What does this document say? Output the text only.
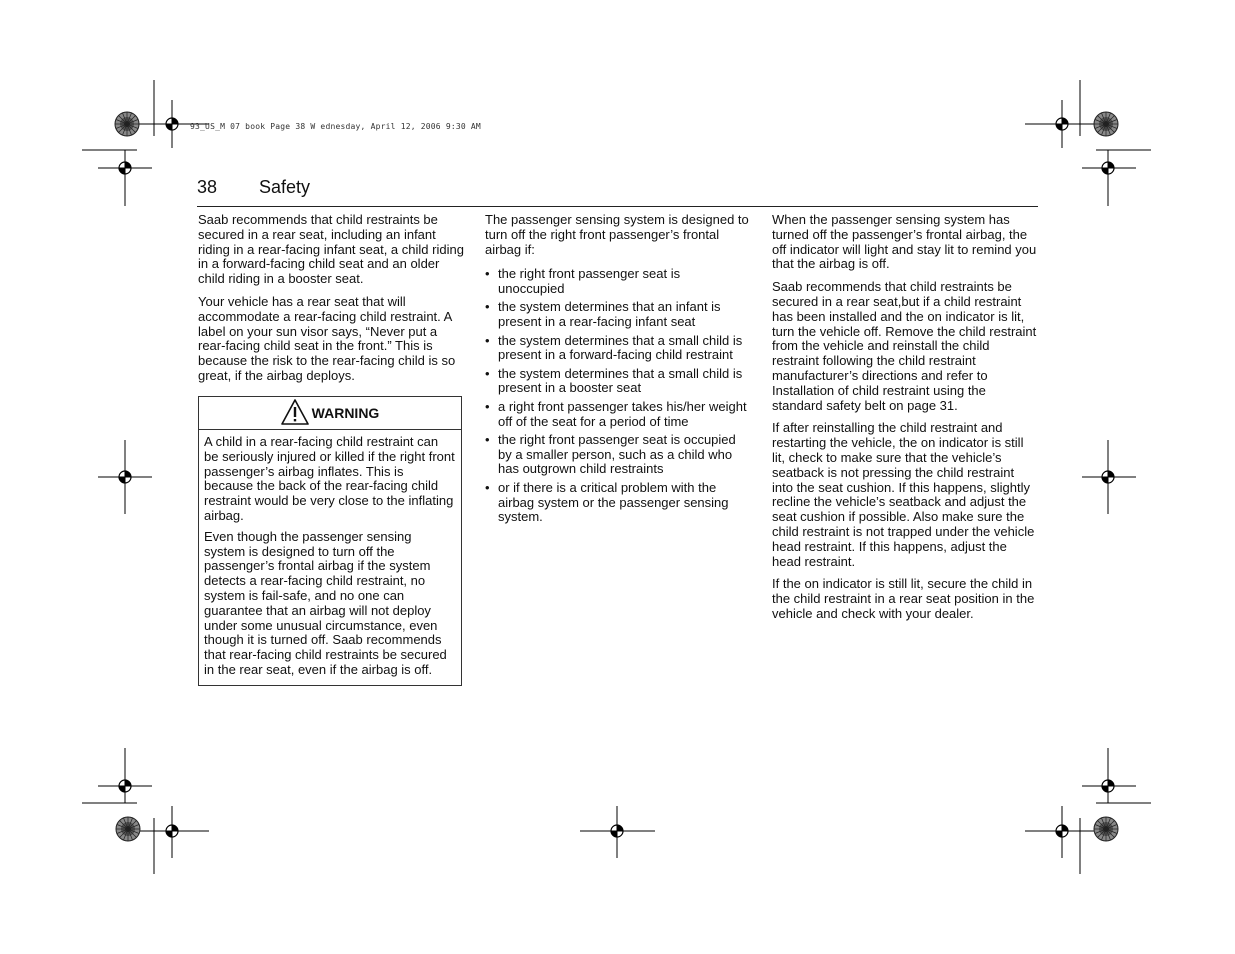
93_US_M 07 book Page 38 W ednesday, April 12, 2006 9:30 AM
38 Safety

Saab recommends that child restraints be secured in a rear seat, including an infant riding in a rear-facing infant seat, a child riding in a forward-facing child seat and an older child riding in a booster seat.

Your vehicle has a rear seat that will accommodate a rear-facing child restraint. A label on your sun visor says, “Never put a rear-facing child seat in the front.” This is because the risk to the rear-facing child is so great, if the airbag deploys.

WARNING

A child in a rear-facing child restraint can be seriously injured or killed if the right front passenger’s airbag inflates. This is because the back of the rear-facing child restraint would be very close to the inflating airbag.

Even though the passenger sensing system is designed to turn off the passenger’s frontal airbag if the system detects a rear-facing child restraint, no system is fail-safe, and no one can guarantee that an airbag will not deploy under some unusual circumstance, even though it is turned off. Saab recommends that rear-facing child restraints be secured in the rear seat, even if the airbag is off.

The passenger sensing system is designed to turn off the right front passenger’s frontal airbag if:

• the right front passenger seat is unoccupied
• the system determines that an infant is present in a rear-facing infant seat
• the system determines that a small child is present in a forward-facing child restraint
• the system determines that a small child is present in a booster seat
• a right front passenger takes his/her weight off of the seat for a period of time
• the right front passenger seat is occupied by a smaller person, such as a child who has outgrown child restraints
• or if there is a critical problem with the airbag system or the passenger sensing system.

When the passenger sensing system has turned off the passenger’s frontal airbag, the off indicator will light and stay lit to remind you that the airbag is off.

Saab recommends that child restraints be secured in a rear seat,but if a child restraint has been installed and the on indicator is lit, turn the vehicle off. Remove the child restraint from the vehicle and reinstall the child restraint following the child restraint manufacturer’s directions and refer to Installation of child restraint using the standard safety belt on page 31.

If after reinstalling the child restraint and restarting the vehicle, the on indicator is still lit, check to make sure that the vehicle’s seatback is not pressing the child restraint into the seat cushion. If this happens, slightly recline the vehicle’s seatback and adjust the seat cushion if possible. Also make sure the child restraint is not trapped under the vehicle head restraint. If this happens, adjust the head restraint.

If the on indicator is still lit, secure the child in the child restraint in a rear seat position in the vehicle and check with your dealer.
